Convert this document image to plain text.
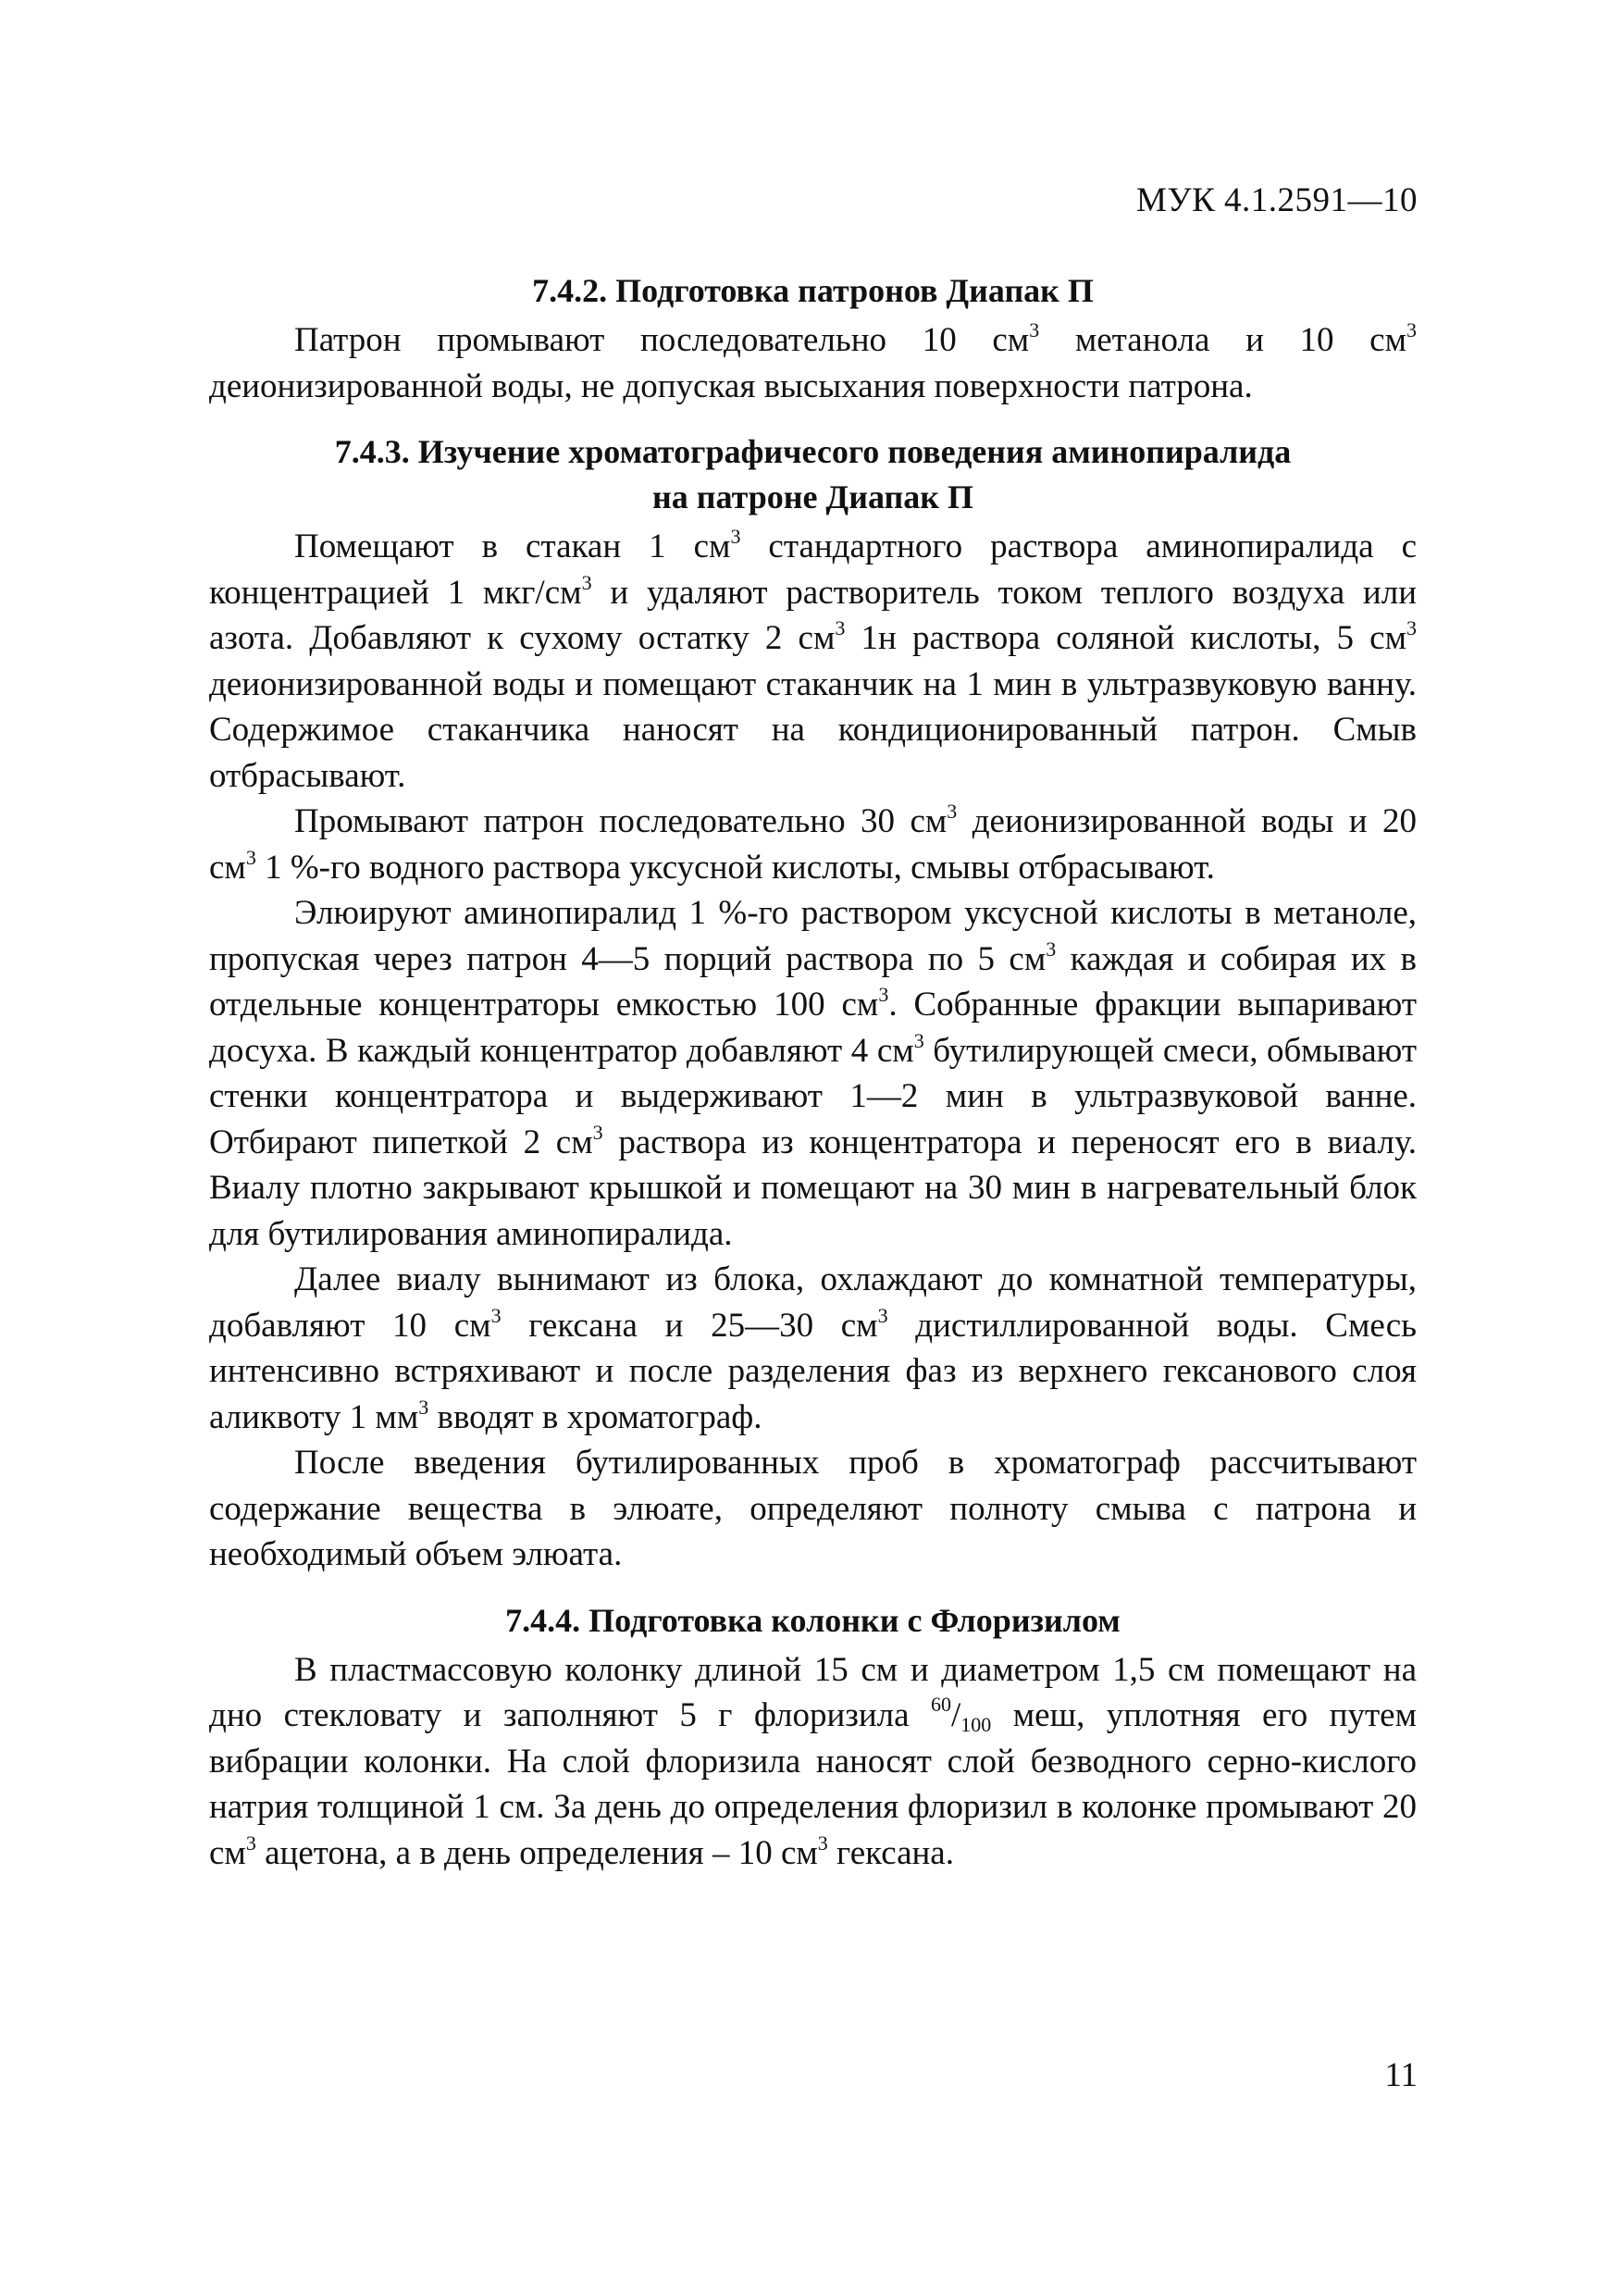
МУК 4.1.2591—10
7.4.2. Подготовка патронов Диапак П

Патрон промывают последовательно 10 $см^3$ метанола и 10 $см^3$ деионизированной воды, не допуская высыхания поверхности патрона.

7.4.3. Изучение хроматографичесого поведения аминопиралида
на патроне Диапак П

Помещают в стакан 1 $см^3$ стандартного раствора аминопиралида с концентрацией 1 мкг/$см^3$ и удаляют растворитель током теплого воздуха или азота. Добавляют к сухому остатку 2 $см^3$ 1н раствора соляной кислоты, 5 $см^3$ деионизированной воды и помещают стаканчик на 1 мин в ультразвуковую ванну. Содержимое стаканчика наносят на кондиционированный патрон. Смыв отбрасывают.

Промывают патрон последовательно 30 $см^3$ деионизированной воды и 20 $см^3$ 1 %-го водного раствора уксусной кислоты, смывы отбрасывают.

Элюируют аминопиралид 1 %-го раствором уксусной кислоты в метаноле, пропуская через патрон 4—5 порций раствора по 5 $см^3$ каждая и собирая их в отдельные концентраторы емкостью 100 $см^3$. Собранные фракции выпаривают досуха. В каждый концентратор добавляют 4 $см^3$ бутилирующей смеси, обмывают стенки концентратора и выдерживают 1—2 мин в ультразвуковой ванне. Отбирают пипеткой 2 $см^3$ раствора из концентратора и переносят его в виалу. Виалу плотно закрывают крышкой и помещают на 30 мин в нагревательный блок для бутилирования аминопиралида.

Далее виалу вынимают из блока, охлаждают до комнатной температуры, добавляют 10 $см^3$ гексана и 25—30 $см^3$ дистиллированной воды. Смесь интенсивно встряхивают и после разделения фаз из верхнего гексанового слоя аликвоту 1 $мм^3$ вводят в хроматограф.

После введения бутилированных проб в хроматограф рассчитывают содержание вещества в элюате, определяют полноту смыва с патрона и необходимый объем элюата.

7.4.4. Подготовка колонки с Флоризилом

В пластмассовую колонку длиной 15 см и диаметром 1,5 см помещают на дно стекловату и заполняют 5 г флоризила $^{60}/_{100}$ меш, уплотняя его путем вибрации колонки. На слой флоризила наносят слой безводного серно-кислого натрия толщиной 1 см. За день до определения флоризил в колонке промывают 20 $см^3$ ацетона, а в день определения – 10 $см^3$ гексана.

11
